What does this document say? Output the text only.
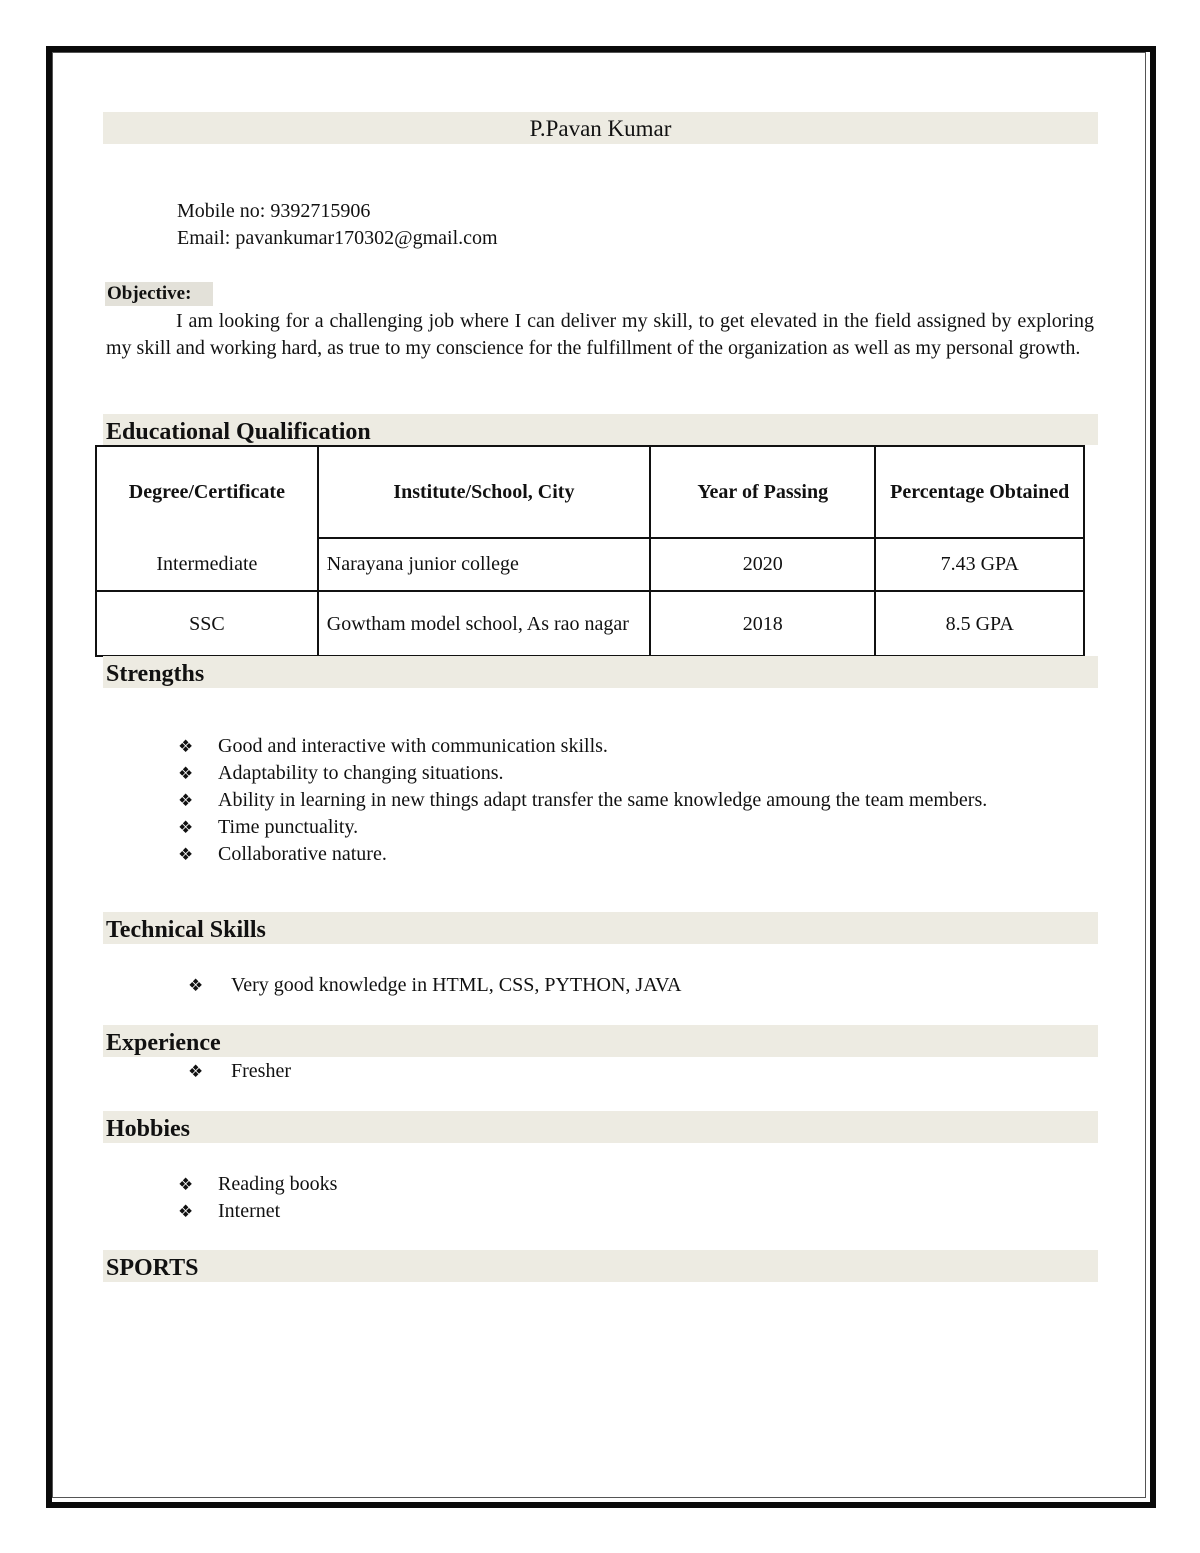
P.Pavan Kumar
Mobile no: 9392715906
Email: pavankumar170302@gmail.com
Objective:
I am looking for a challenging job where I can deliver my skill, to get elevated in the field assigned by exploring my skill and working hard, as true to my conscience for the fulfillment of the organization as well as my personal growth.
Educational Qualification
Degree/Certificate	Institute/School, City	Year of Passing	Percentage Obtained
Intermediate	Narayana junior college	2020	7.43 GPA
SSC	Gowtham model school, As rao nagar	2018	8.5 GPA
Strengths
❖ Good and interactive with communication skills.
❖ Adaptability to changing situations.
❖ Ability in learning in new things adapt transfer the same knowledge amoung the team members.
❖ Time punctuality.
❖ Collaborative nature.
Technical Skills
❖ Very good knowledge in HTML, CSS, PYTHON, JAVA
Experience
❖ Fresher
Hobbies
❖ Reading books
❖ Internet
SPORTS
